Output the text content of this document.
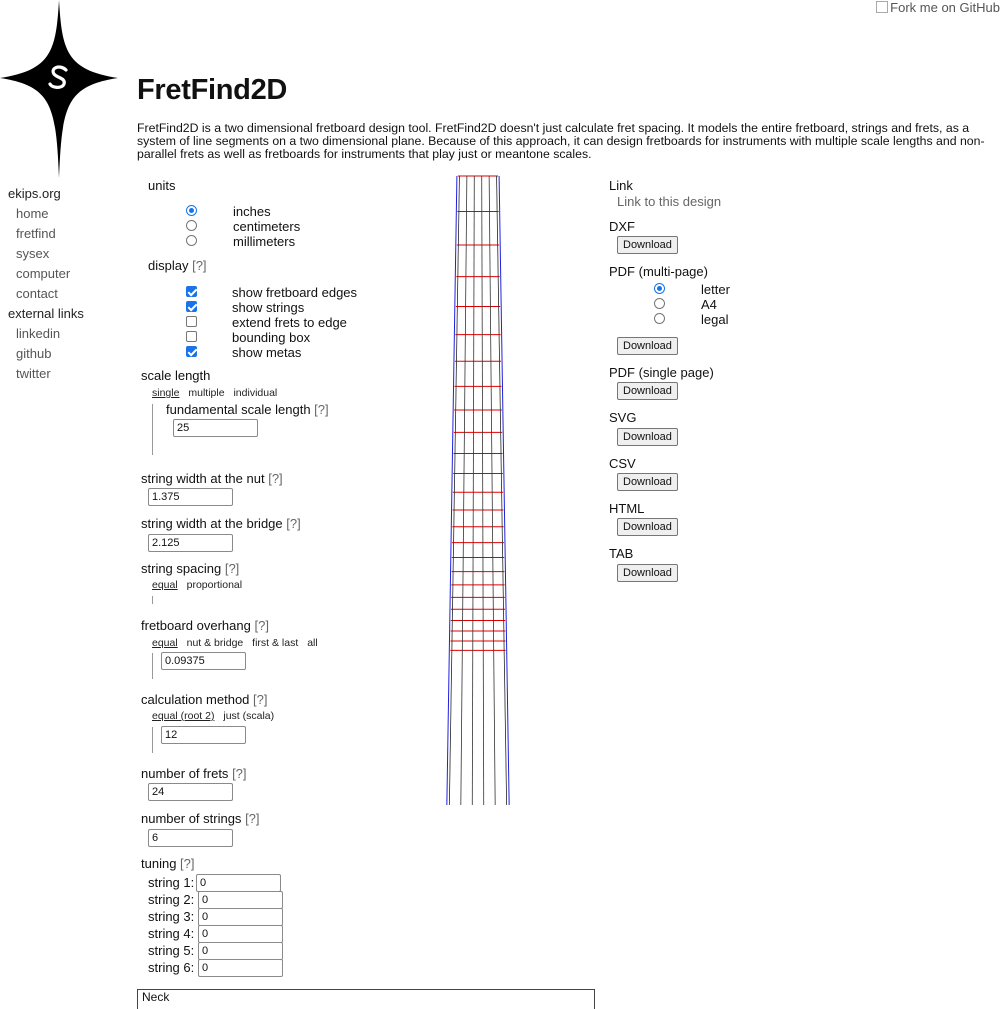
Fork me on GitHub
ekips.org
home
fretfind
sysex
computer
contact
external links
linkedin
github
twitter
FretFind2D

FretFind2D is a two dimensional fretboard design tool. FretFind2D doesn't just calculate fret spacing. It models the entire fretboard, strings and frets, as a system of line segments on a two dimensional plane. Because of this approach, it can design fretboards for instruments with multiple scale lengths and non-parallel frets as well as fretboards for instruments that play just or meantone scales.

units
inches
centimeters
millimeters
display [?]
show fretboard edges
show strings
extend frets to edge
bounding box
show metas
scale length
single multiple individual
fundamental scale length [?]
25
string width at the nut [?]
1.375
string width at the bridge [?]
2.125
string spacing [?]
equal proportional
fretboard overhang [?]
equal nut & bridge first & last all
0.09375
calculation method [?]
equal (root 2) just (scala)
12
number of frets [?]
24
number of strings [?]
6
tuning [?]
string 1:
0
string 2:
0
string 3:
0
string 4:
0
string 5:
0
string 6:
0
Neck
Link
Link to this design
DXF
Download
PDF (multi-page)
letter
A4
legal
Download
PDF (single page)
Download
SVG
Download
CSV
Download
HTML
Download
TAB
Download
